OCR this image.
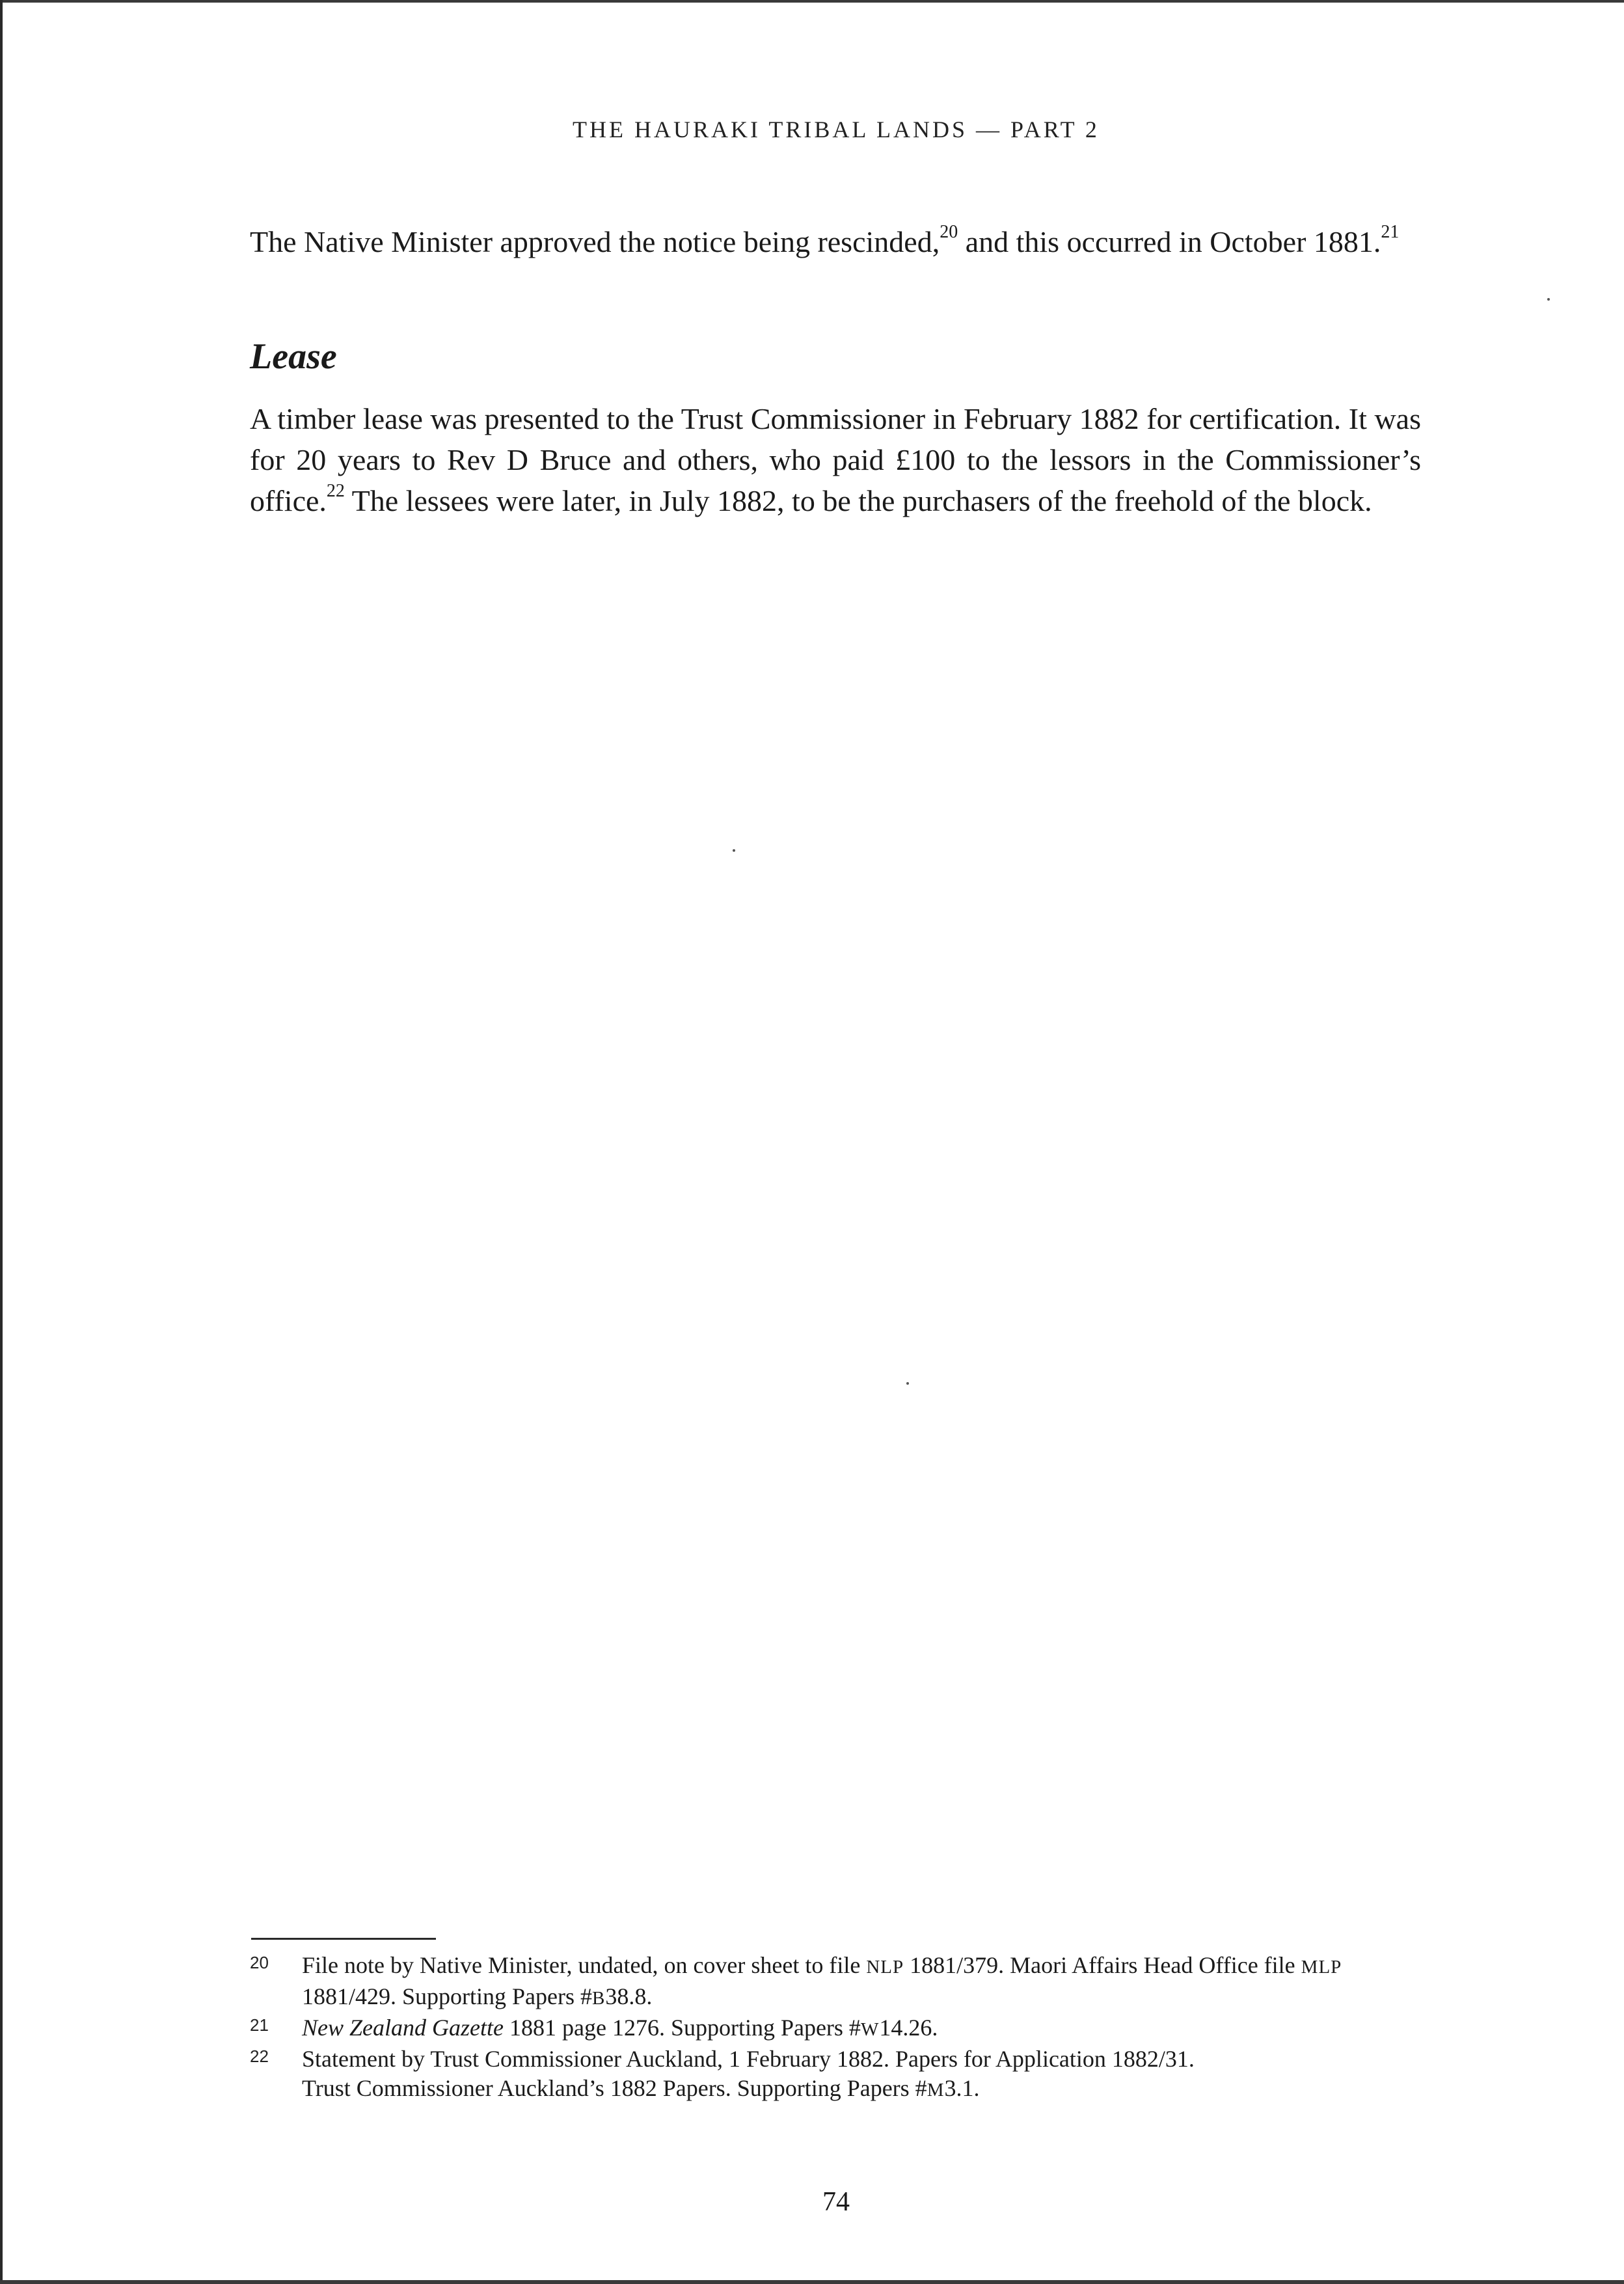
THE HAURAKI TRIBAL LANDS — PART 2

The Native Minister approved the notice being rescinded,$^{20}$ and this occurred in October 1881.21

Lease

A timber lease was presented to the Trust Commissioner in February 1882 for certification. It was for 20 years to Rev D Bruce and others, who paid £100 to the lessors in the Commissioner’s office.$^{22}$ The lessees were later, in July 1882, to be the purchasers of the freehold of the block.

20	File note by Native Minister, undated, on cover sheet to file NLP 1881/379. Maori Affairs Head Office file MLP 1881/429. Supporting Papers #B38.8.
21	New Zealand Gazette 1881 page 1276. Supporting Papers #W14.26.
22	Statement by Trust Commissioner Auckland, 1 February 1882. Papers for Application 1882/31.
Trust Commissioner Auckland’s 1882 Papers. Supporting Papers #M3.1.
74
